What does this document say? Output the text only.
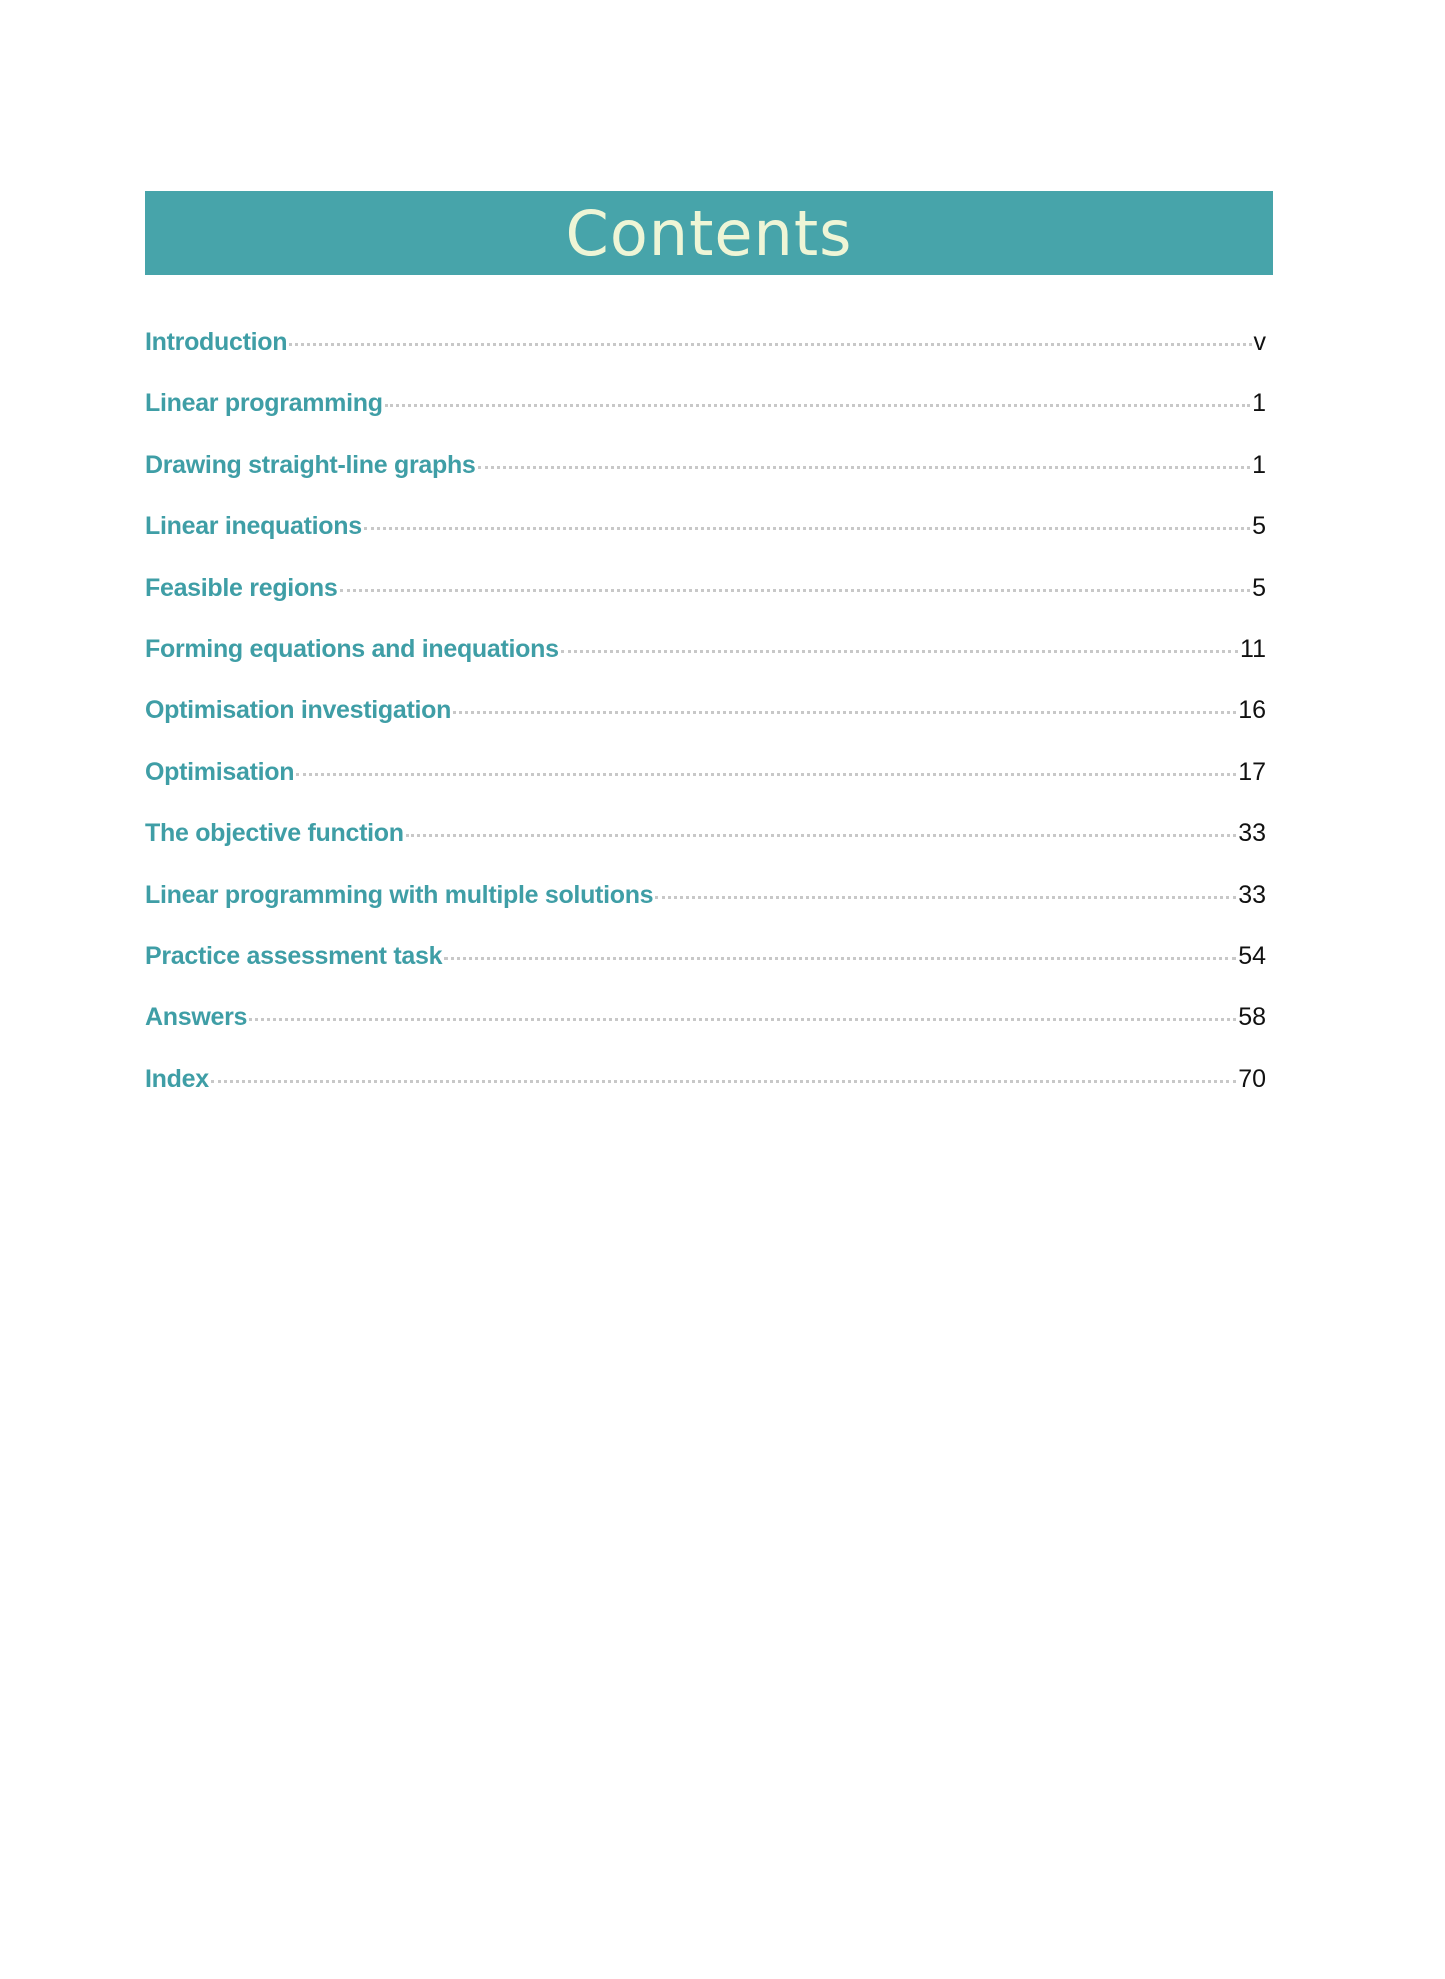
Contents
Introduction	v
Linear programming	1
Drawing straight-line graphs	1
Linear inequations	5
Feasible regions	5
Forming equations and inequations	11
Optimisation investigation	16
Optimisation	17
The objective function	33
Linear programming with multiple solutions	33
Practice assessment task	54
Answers	58
Index	70
